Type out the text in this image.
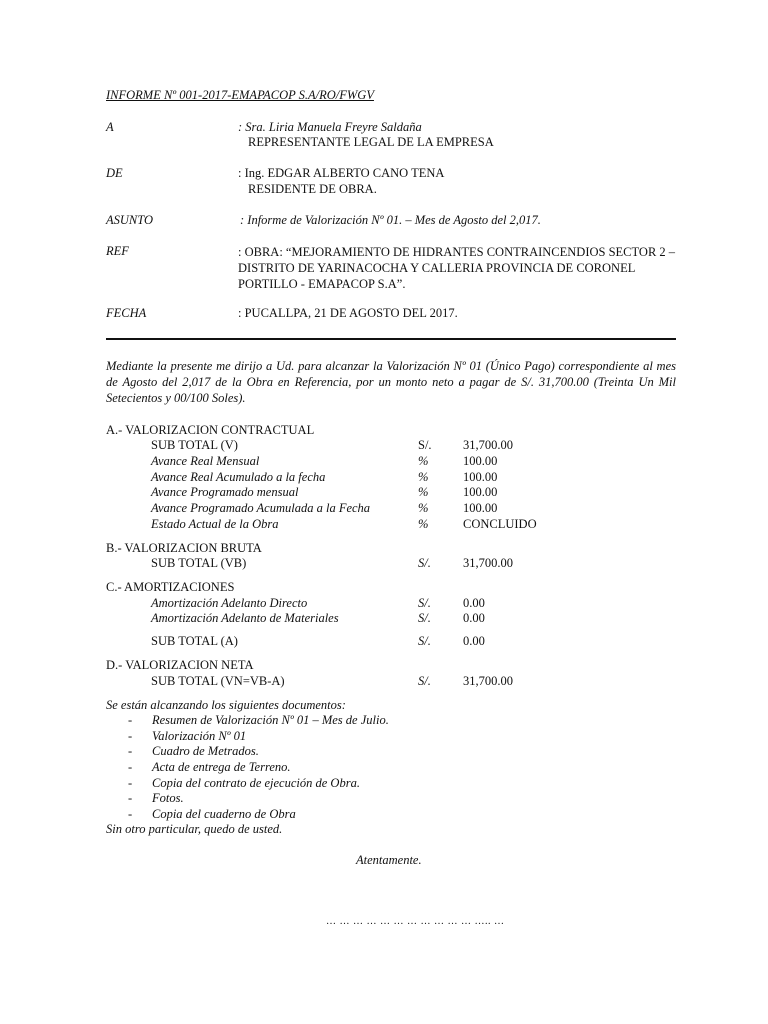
INFORME Nº 001-2017-EMAPACOP S.A/RO/FWGV
A	: Sra. Liria Manuela Freyre Saldaña
REPRESENTANTE LEGAL DE LA EMPRESA
DE	: Ing. EDGAR ALBERTO CANO TENA
RESIDENTE DE OBRA.
ASUNTO	: Informe de Valorización Nº 01. – Mes de Agosto del 2,017.
REF	: OBRA: “MEJORAMIENTO DE HIDRANTES CONTRAINCENDIOS SECTOR 2 – DISTRITO DE YARINACOCHA Y CALLERIA PROVINCIA DE CORONEL PORTILLO - EMAPACOP S.A”.
FECHA	: PUCALLPA, 21 DE AGOSTO DEL 2017.
Mediante la presente me dirijo a Ud. para alcanzar la Valorización Nº 01 (Único Pago) correspondiente al mes de Agosto del 2,017 de la Obra en Referencia, por un monto neto a pagar de S/. 31,700.00 (Treinta Un Mil Setecientos y 00/100 Soles).
A.- VALORIZACION CONTRACTUAL
SUB TOTAL (V)	S/.	31,700.00
Avance Real Mensual	%	100.00
Avance Real Acumulado a la fecha	%	100.00
Avance Programado mensual	%	100.00
Avance Programado Acumulada a la Fecha	%	100.00
Estado Actual de la Obra	%	CONCLUIDO
B.- VALORIZACION BRUTA
SUB TOTAL (VB)	S/.	31,700.00
C.- AMORTIZACIONES
Amortización Adelanto Directo	S/.	0.00
Amortización Adelanto de Materiales	S/.	0.00
SUB TOTAL (A)	S/.	0.00
D.- VALORIZACION NETA
SUB TOTAL (VN=VB-A)	S/.	31,700.00
Se están alcanzando los siguientes documentos:
- Resumen de Valorización Nº 01 – Mes de Julio.
- Valorización Nº 01
- Cuadro de Metrados.
- Acta de entrega de Terreno.
- Copia del contrato de ejecución de Obra.
- Fotos.
- Copia del cuaderno de Obra
Sin otro particular, quedo de usted.
Atentamente.
… … … … … … … … … … … ….. …
